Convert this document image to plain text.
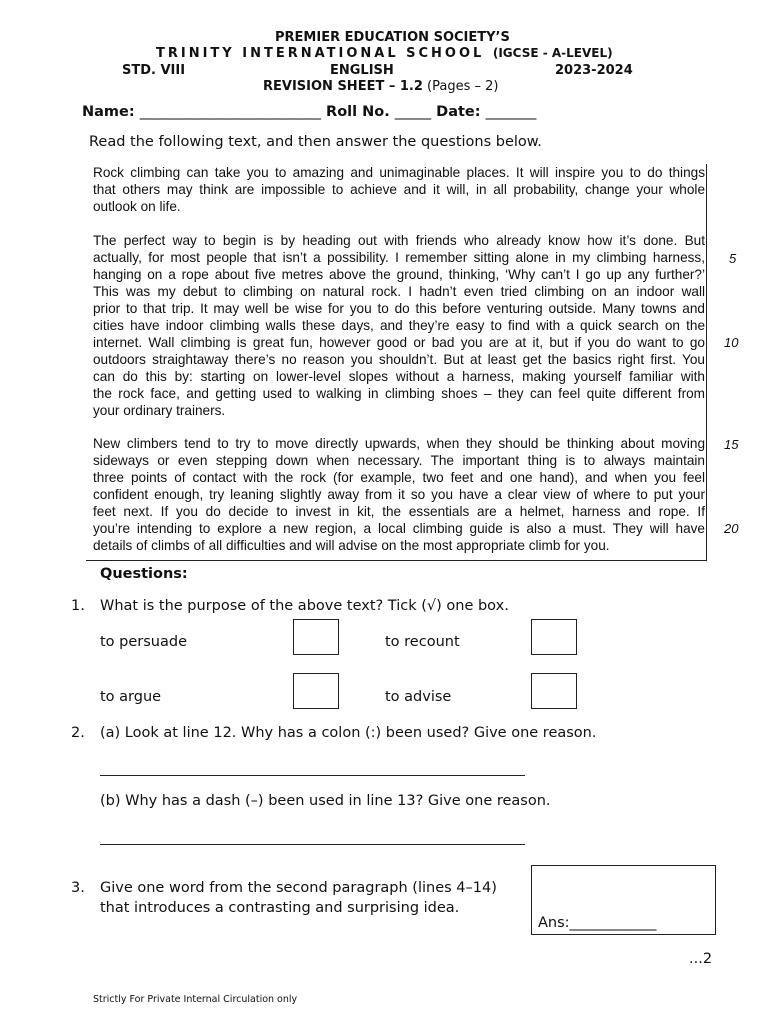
PREMIER EDUCATION SOCIETY’S
TRINITY INTERNATIONAL SCHOOL (IGCSE - A-LEVEL)
STD. VIII	ENGLISH	2023-2024
REVISION SHEET – 1.2 (Pages – 2)
Name: _________________________ Roll No. _____ Date: _______
Read the following text, and then answer the questions below.
Rock climbing can take you to amazing and unimaginable places. It will inspire you to do things
that others may think are impossible to achieve and it will, in all probability, change your whole
outlook on life.
The perfect way to begin is by heading out with friends who already know how it’s done. But
actually, for most people that isn’t a possibility. I remember sitting alone in my climbing harness,
hanging on a rope about five metres above the ground, thinking, ‘Why can’t I go up any further?’
This was my debut to climbing on natural rock. I hadn’t even tried climbing on an indoor wall
prior to that trip. It may well be wise for you to do this before venturing outside. Many towns and
cities have indoor climbing walls these days, and they’re easy to find with a quick search on the
internet. Wall climbing is great fun, however good or bad you are at it, but if you do want to go
outdoors straightaway there’s no reason you shouldn’t. But at least get the basics right first. You
can do this by: starting on lower-level slopes without a harness, making yourself familiar with
the rock face, and getting used to walking in climbing shoes – they can feel quite different from
your ordinary trainers.
New climbers tend to try to move directly upwards, when they should be thinking about moving
sideways or even stepping down when necessary. The important thing is to always maintain
three points of contact with the rock (for example, two feet and one hand), and when you feel
confident enough, try leaning slightly away from it so you have a clear view of where to put your
feet next. If you do decide to invest in kit, the essentials are a helmet, harness and rope. If
you’re intending to explore a new region, a local climbing guide is also a must. They will have
details of climbs of all difficulties and will advise on the most appropriate climb for you.
5
10
15
20
Questions:
1. What is the purpose of the above text? Tick (√) one box.
to persuade	to recount
to argue	to advise
2. (a) Look at line 12. Why has a colon (:) been used? Give one reason.
(b) Why has a dash (–) been used in line 13? Give one reason.
3. Give one word from the second paragraph (lines 4–14)
that introduces a contrasting and surprising idea.
Ans:____________
...2
Strictly For Private Internal Circulation only
